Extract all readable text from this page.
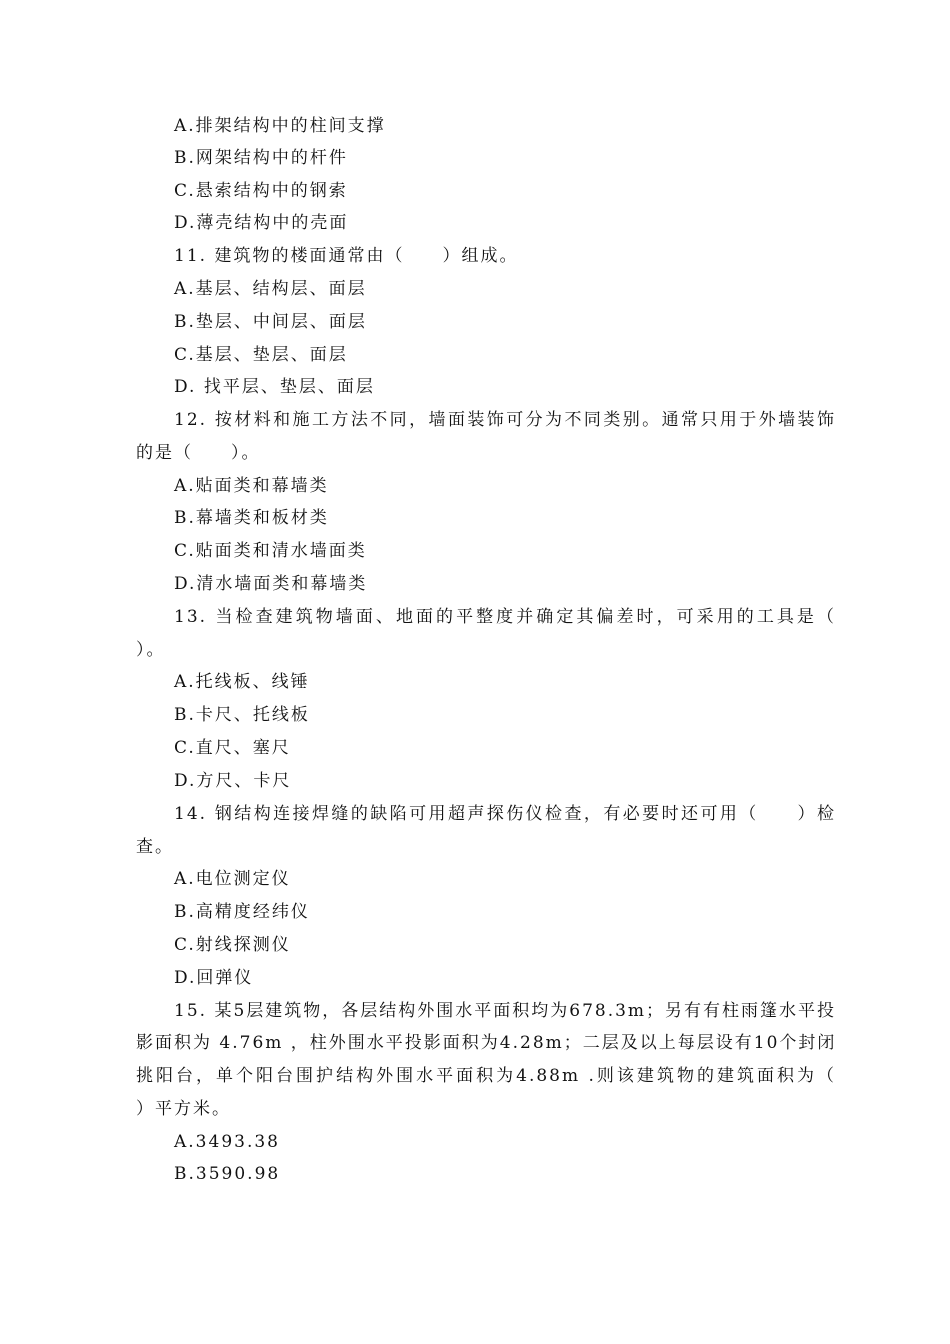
A.排架结构中的柱间支撑
B.网架结构中的杆件
C.悬索结构中的钢索
D.薄壳结构中的壳面
11. 建筑物的楼面通常由（　　）组成。
A.基层、结构层、面层
B.垫层、中间层、面层
C.基层、垫层、面层
D. 找平层、垫层、面层
12. 按材料和施工方法不同，墙面装饰可分为不同类别。通常只用于外墙装饰
的是（　　）。
A.贴面类和幕墙类
B.幕墙类和板材类
C.贴面类和清水墙面类
D.清水墙面类和幕墙类
13. 当检查建筑物墙面、地面的平整度并确定其偏差时，可采用的工具是（
）。
A.托线板、线锤
B.卡尺、托线板
C.直尺、塞尺
D.方尺、卡尺
14. 钢结构连接焊缝的缺陷可用超声探伤仪检查，有必要时还可用（　　）检
查。
A.电位测定仪
B.高精度经纬仪
C.射线探测仪
D.回弹仪
15. 某5层建筑物，各层结构外围水平面积均为678.3m；另有有柱雨篷水平投
影面积为 4.76m ，柱外围水平投影面积为4.28m；二层及以上每层设有10个封闭
挑阳台，单个阳台围护结构外围水平面积为4.88m .则该建筑物的建筑面积为（
）平方米。
A.3493.38
B.3590.98
